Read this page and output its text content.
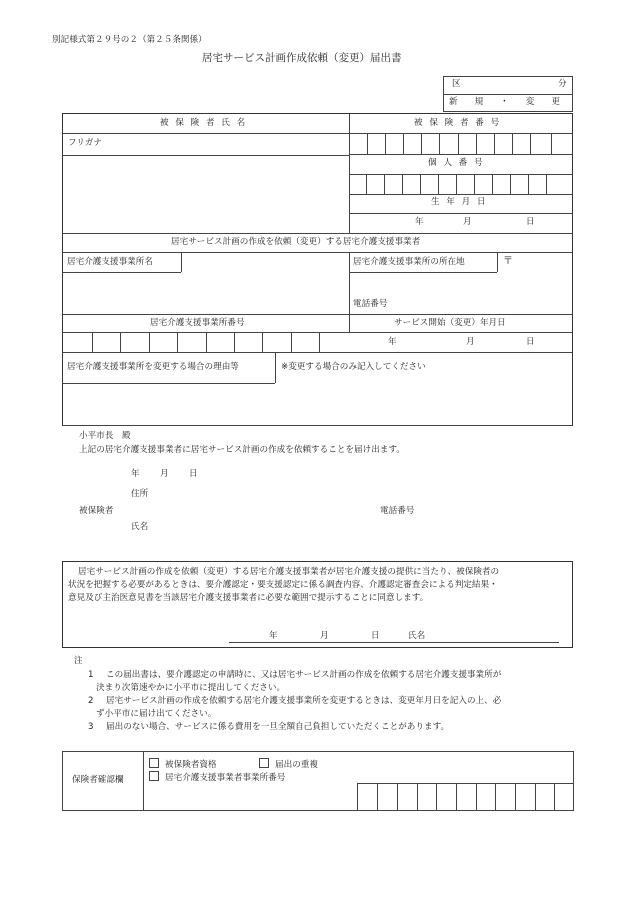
別記様式第２９号の２（第２５条関係）
居宅サービス計画作成依頼（変更）届出書
区	分
新　規　・　変　更
被 保 険 者 氏 名	被 保 険 者 番 号
フリガナ
個 人 番 号
生 年 月 日
年	月	日
居宅サービス計画の作成を依頼（変更）する居宅介護支援事業者
居宅介護支援事業所名	居宅介護支援事業所の所在地	〒
電話番号
居宅介護支援事業所番号	サービス開始（変更）年月日
年	月	日
居宅介護支援事業所を変更する場合の理由等	※変更する場合のみ記入してください
小平市長　殿
上記の居宅介護支援事業者に居宅サービス計画の作成を依頼することを届け出ます。
年 月 日
住所
被保険者	電話番号
氏名
居宅サービス計画の作成を依頼（変更）する居宅介護支援事業者が居宅介護支援の提供に当たり、被保険者の
状況を把握する必要があるときは、要介護認定・要支援認定に係る調査内容、介護認定審査会による判定結果・
意見及び主治医意見書を当該居宅介護支援事業者に必要な範囲で提示することに同意します。
年	月	日	氏名
注
1 この届出書は、要介護認定の申請時に、又は居宅サービス計画の作成を依頼する居宅介護支援事業所が
決まり次第速やかに小平市に提出してください。
2 居宅サービス計画の作成を依頼する居宅介護支援事業所を変更するときは、変更年月日を記入の上、必
ず小平市に届け出てください。
3 届出のない場合、サービスに係る費用を一旦全額自己負担していただくことがあります。
保険者確認欄
被保険者資格	届出の重複
居宅介護支援事業者事業所番号
